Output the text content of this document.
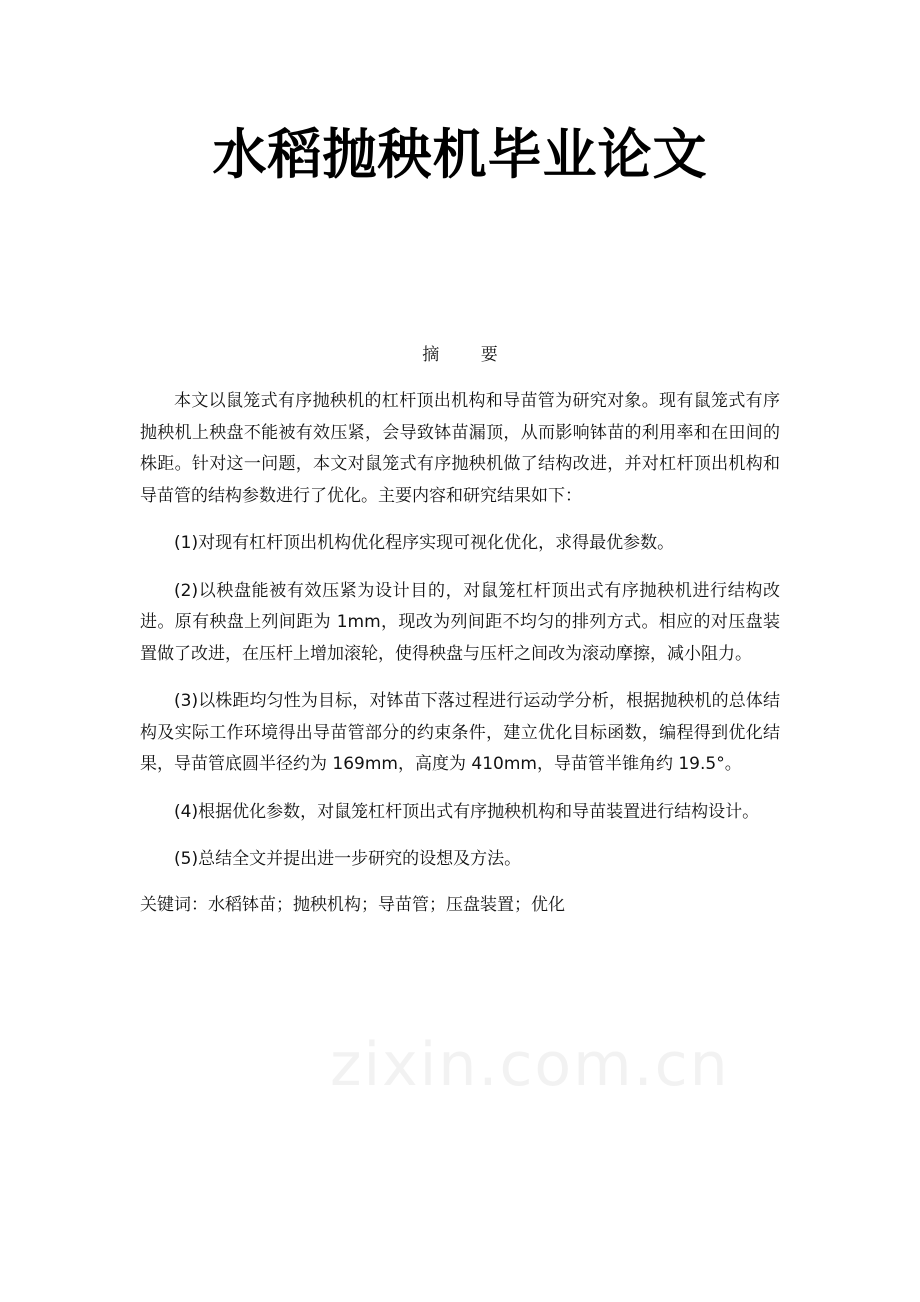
水稻抛秧机毕业论文
摘 要

本文以鼠笼式有序抛秧机的杠杆顶出机构和导苗管为研究对象。现有鼠笼式有序抛秧机上秧盘不能被有效压紧，会导致钵苗漏顶，从而影响钵苗的利用率和在田间的株距。针对这一问题，本文对鼠笼式有序抛秧机做了结构改进，并对杠杆顶出机构和导苗管的结构参数进行了优化。主要内容和研究结果如下：

(1)对现有杠杆顶出机构优化程序实现可视化优化，求得最优参数。

(2)以秧盘能被有效压紧为设计目的，对鼠笼杠杆顶出式有序抛秧机进行结构改进。原有秧盘上列间距为 1mm，现改为列间距不均匀的排列方式。相应的对压盘装置做了改进，在压杆上增加滚轮，使得秧盘与压杆之间改为滚动摩擦，减小阻力。

(3)以株距均匀性为目标，对钵苗下落过程进行运动学分析，根据抛秧机的总体结构及实际工作环境得出导苗管部分的约束条件，建立优化目标函数，编程得到优化结果，导苗管底圆半径约为 169mm，高度为 410mm，导苗管半锥角约 19.5°。

(4)根据优化参数，对鼠笼杠杆顶出式有序抛秧机构和导苗装置进行结构设计。

(5)总结全文并提出进一步研究的设想及方法。

关键词：水稻钵苗；抛秧机构；导苗管；压盘装置；优化

zixin.com.cn
